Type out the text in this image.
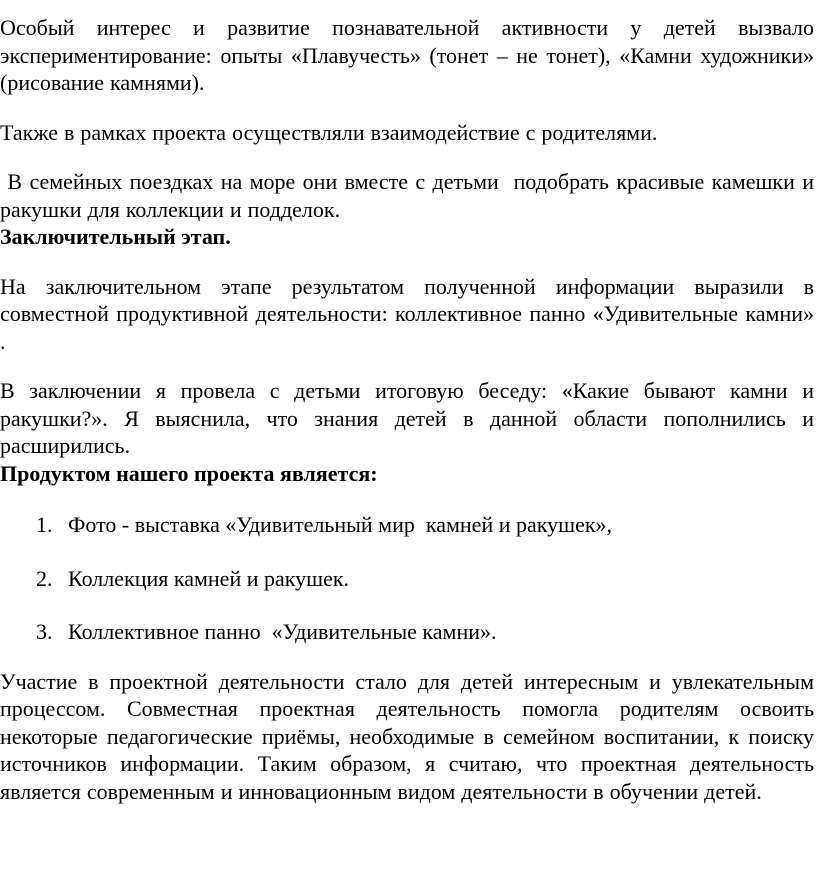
Особый интерес и развитие познавательной активности у детей вызвало экспериментирование: опыты «Плавучесть» (тонет – не тонет), «Камни художники» (рисование камнями).

Также в рамках проекта осуществляли взаимодействие с родителями.

В семейных поездках на море они вместе с детьми  подобрать красивые камешки и ракушки для коллекции и подделок.

Заключительный этап.

На заключительном этапе результатом полученной информации выразили в совместной продуктивной деятельности: коллективное панно «Удивительные камни» .

В заключении я провела с детьми итоговую беседу: «Какие бывают камни и ракушки?». Я выяснила, что знания детей в данной области пополнились и расширились.

Продуктом нашего проекта является:

1. Фото - выставка «Удивительный мир  камней и ракушек»,
2. Коллекция камней и ракушек.
3. Коллективное панно  «Удивительные камни».

Участие в проектной деятельности стало для детей интересным и увлекательным процессом. Совместная проектная деятельность помогла родителям освоить некоторые педагогические приёмы, необходимые в семейном воспитании, к поиску источников информации. Таким образом, я считаю, что проектная деятельность является современным и инновационным видом деятельности в обучении детей.
